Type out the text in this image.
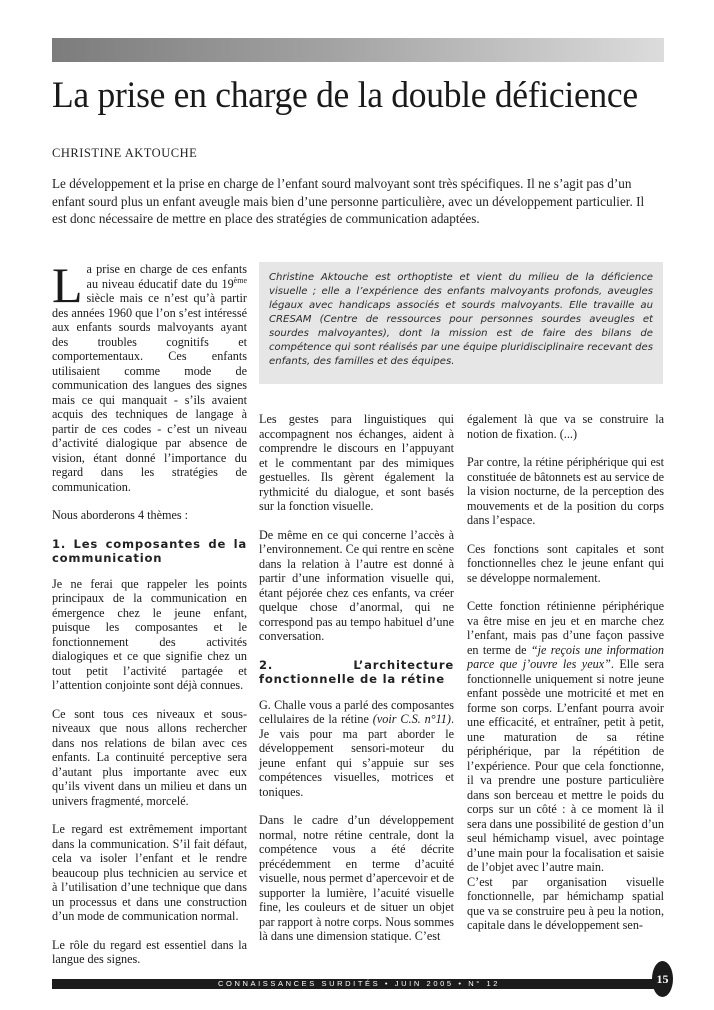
La prise en charge de la double déficience
CHRISTINE AKTOUCHE

Le développement et la prise en charge de l’enfant sourd malvoyant sont très spécifiques. Il ne s’agit pas d’un enfant sourd plus un enfant aveugle mais bien d’une personne particulière, avec un développement particulier. Il est donc nécessaire de mettre en place des stratégies de communication adaptées.

La prise en charge de ces enfants au niveau éducatif date du 19ème siècle mais ce n’est qu’à partir des années 1960 que l’on s’est intéressé aux enfants sourds malvoyants ayant des troubles cognitifs et comportementaux. Ces enfants utilisaient comme mode de communication des langues des signes mais ce qui manquait - s’ils avaient acquis des techniques de langage à partir de ces codes - c’est un niveau d’activité dialogique par absence de vision, étant donné l’importance du regard dans les stratégies de communication.

Nous aborderons 4 thèmes :

1. Les composantes de la communication

Je ne ferai que rappeler les points principaux de la communication en émergence chez le jeune enfant, puisque les composantes et le fonctionnement des activités dialogiques et ce que signifie chez un tout petit l’activité partagée et l’attention conjointe sont déjà connues.

Ce sont tous ces niveaux et sous-niveaux que nous allons rechercher dans nos relations de bilan avec ces enfants. La continuité perceptive sera d’autant plus importante avec eux qu’ils vivent dans un milieu et dans un univers fragmenté, morcelé.

Le regard est extrêmement important dans la communication. S’il fait défaut, cela va isoler l’enfant et le rendre beaucoup plus technicien au service et à l’utilisation d’une technique que dans un processus et dans une construction d’un mode de communication normal.

Le rôle du regard est essentiel dans la langue des signes.

Christine Aktouche est orthoptiste et vient du milieu de la déficience visuelle ; elle a l’expérience des enfants malvoyants profonds, aveugles légaux avec handicaps associés et sourds malvoyants. Elle travaille au CRESAM (Centre de ressources pour personnes sourdes aveugles et sourdes malvoyantes), dont la mission est de faire des bilans de compétence qui sont réalisés par une équipe pluridisciplinaire recevant des enfants, des familles et des équipes.

Les gestes para linguistiques qui accompagnent nos échanges, aident à comprendre le discours en l’appuyant et le commentant par des mimiques gestuelles. Ils gèrent également la rythmicité du dialogue, et sont basés sur la fonction visuelle.

De même en ce qui concerne l’accès à l’environnement. Ce qui rentre en scène dans la relation à l’autre est donné à partir d’une information visuelle qui, étant péjorée chez ces enfants, va créer quelque chose d’anormal, qui ne correspond pas au tempo habituel d’une conversation.

2. L’architecture fonctionnelle de la rétine

G. Challe vous a parlé des composantes cellulaires de la rétine (voir C.S. n°11). Je vais pour ma part aborder le développement sensori-moteur du jeune enfant qui s’appuie sur ses compétences visuelles, motrices et toniques.

Dans le cadre d’un développement normal, notre rétine centrale, dont la compétence vous a été décrite précédemment en terme d’acuité visuelle, nous permet d’apercevoir et de supporter la lumière, l’acuité visuelle fine, les couleurs et de situer un objet par rapport à notre corps. Nous sommes là dans une dimension statique. C’est

également là que va se construire la notion de fixation. (...)

Par contre, la rétine périphérique qui est constituée de bâtonnets est au service de la vision nocturne, de la perception des mouvements et de la position du corps dans l’espace.

Ces fonctions sont capitales et sont fonctionnelles chez le jeune enfant qui se développe normalement.

Cette fonction rétinienne périphérique va être mise en jeu et en marche chez l’enfant, mais pas d’une façon passive en terme de “je reçois une information parce que j’ouvre les yeux”. Elle sera fonctionnelle uniquement si notre jeune enfant possède une motricité et met en forme son corps. L’enfant pourra avoir une efficacité, et entraîner, petit à petit, une maturation de sa rétine périphérique, par la répétition de l’expérience. Pour que cela fonctionne, il va prendre une posture particulière dans son berceau et mettre le poids du corps sur un côté : à ce moment là il sera dans une possibilité de gestion d’un seul hémichamp visuel, avec pointage d’une main pour la focalisation et saisie de l’objet avec l’autre main.

C’est par organisation visuelle fonctionnelle, par hémichamp spatial que va se construire peu à peu la notion, capitale dans le développement sen-

CONNAISSANCES SURDITÉS • JUIN 2005 • N° 12	15
